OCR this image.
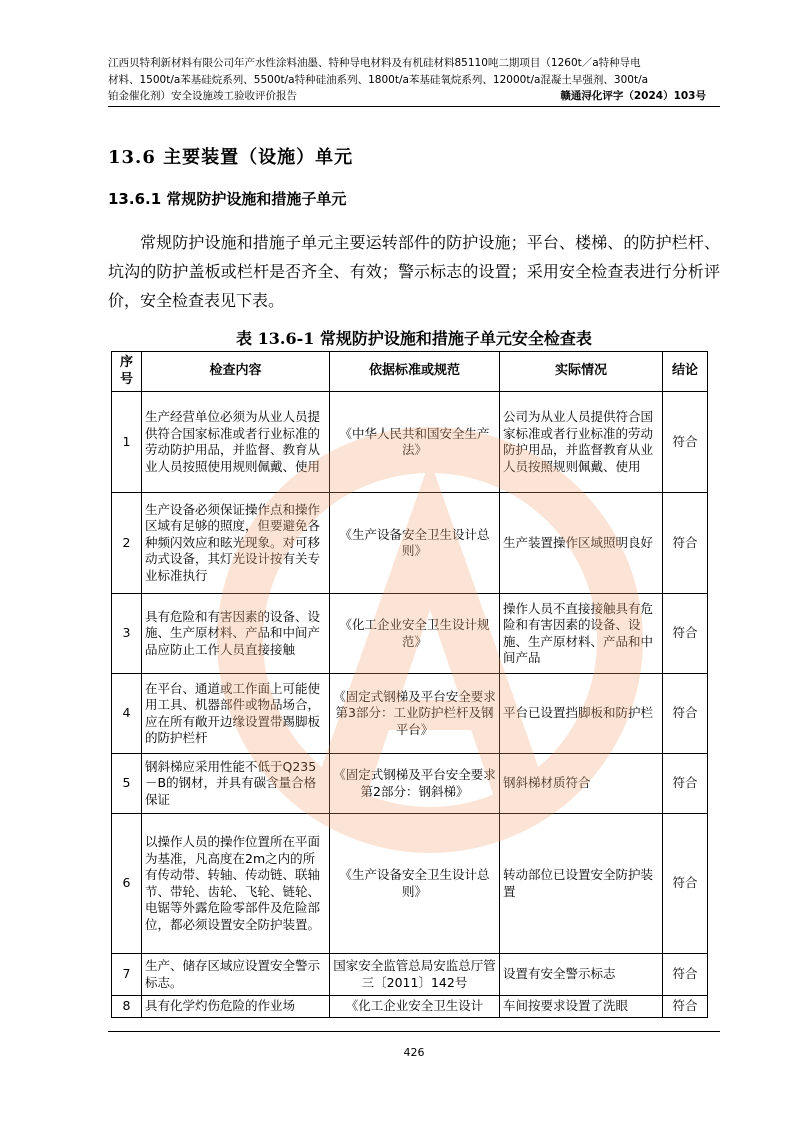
江西贝特利新材料有限公司年产水性涂料油墨、特种导电材料及有机硅材料85110吨二期项目（1260t／a特种导电
材料、1500t/a苯基硅烷系列、5500t/a特种硅油系列、1800t/a苯基硅氧烷系列、12000t/a混凝土早强剂、300t/a
铂金催化剂）安全设施竣工验收评价报告	赣通浔化评字（2024）103号
13.6 主要装置（设施）单元
13.6.1 常规防护设施和措施子单元
常规防护设施和措施子单元主要运转部件的防护设施；平台、楼梯、的防护栏杆、坑沟的防护盖板或栏杆是否齐全、有效；警示标志的设置；采用安全检查表进行分析评价，安全检查表见下表。
表 13.6-1 常规防护设施和措施子单元安全检查表
序号	检查内容	依据标准或规范	实际情况	结论
1	生产经营单位必须为从业人员提供符合国家标准或者行业标准的劳动防护用品，并监督、教育从业人员按照使用规则佩戴、使用	《中华人民共和国安全生产法》	公司为从业人员提供符合国家标准或者行业标准的劳动防护用品，并监督教育从业人员按照规则佩戴、使用	符合
2	生产设备必须保证操作点和操作区域有足够的照度，但要避免各种频闪效应和眩光现象。对可移动式设备，其灯光设计按有关专业标准执行	《生产设备安全卫生设计总则》	生产装置操作区域照明良好	符合
3	具有危险和有害因素的设备、设施、生产原材料、产品和中间产品应防止工作人员直接接触	《化工企业安全卫生设计规范》	操作人员不直接接触具有危险和有害因素的设备、设施、生产原材料、产品和中间产品	符合
4	在平台、通道或工作面上可能使用工具、机器部件或物品场合，应在所有敞开边缘设置带踢脚板的防护栏杆	《固定式钢梯及平台安全要求 第3部分：工业防护栏杆及钢平台》	平台已设置挡脚板和防护栏	符合
5	钢斜梯应采用性能不低于Q235－B的钢材，并具有碳含量合格保证	《固定式钢梯及平台安全要求 第2部分：钢斜梯》	钢斜梯材质符合	符合
6	以操作人员的操作位置所在平面为基准，凡高度在2m之内的所有传动带、转轴、传动链、联轴节、带轮、齿轮、飞轮、链轮、电锯等外露危险零部件及危险部位，都必须设置安全防护装置。	《生产设备安全卫生设计总则》	转动部位已设置安全防护装置	符合
7	生产、储存区域应设置安全警示标志。	国家安全监管总局安监总厅管三〔2011〕142号	设置有安全警示标志	符合
8	具有化学灼伤危险的作业场	《化工企业安全卫生设计	车间按要求设置了洗眼	符合
426
